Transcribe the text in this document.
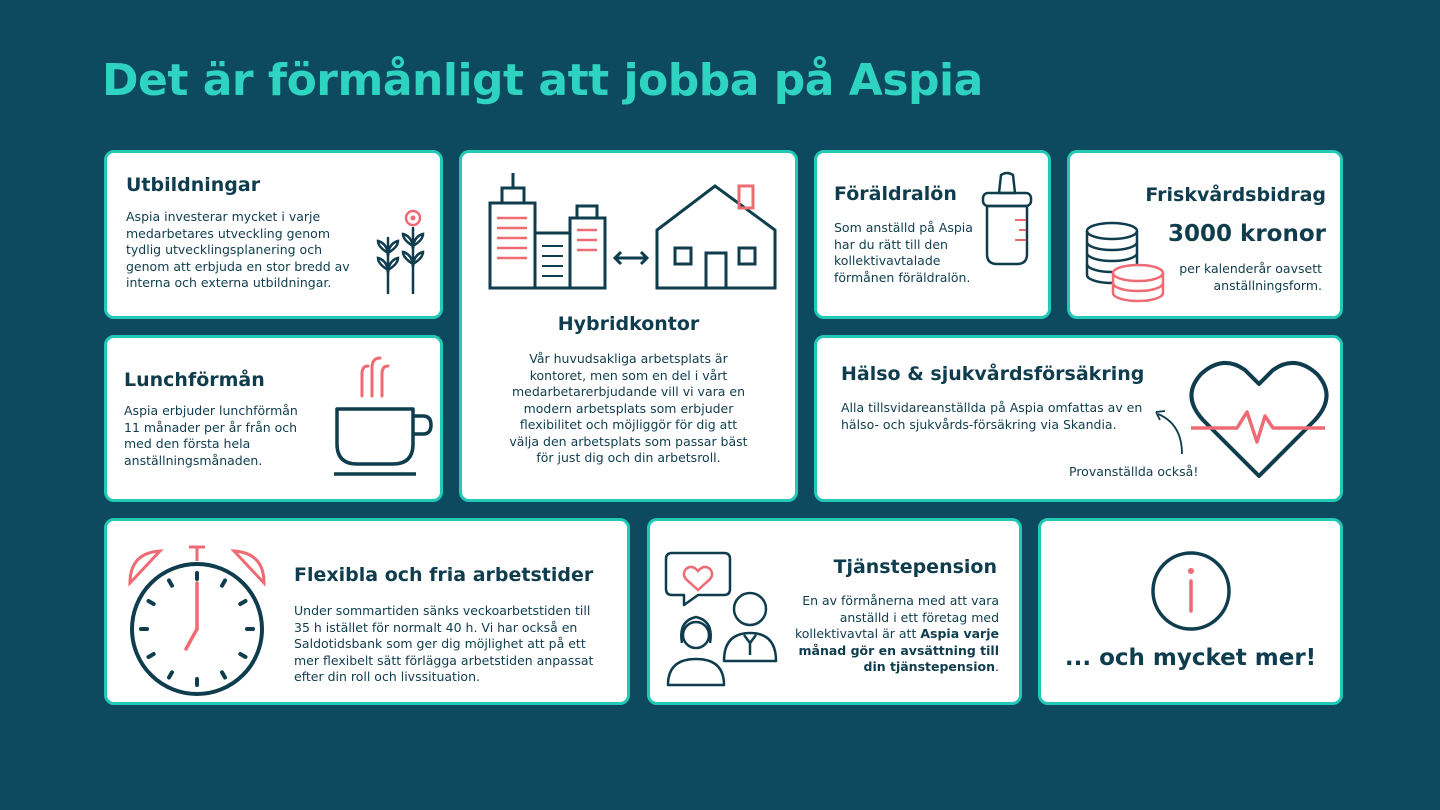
Det är förmånligt att jobba på Aspia
Utbildningar
Aspia investerar mycket i varje medarbetares utveckling genom tydlig utvecklingsplanering och genom att erbjuda en stor bredd av interna och externa utbildningar.
Hybridkontor
Vår huvudsakliga arbetsplats är kontoret, men som en del i vårt medarbetarerbjudande vill vi vara en modern arbetsplats som erbjuder flexibilitet och möjliggör för dig att välja den arbetsplats som passar bäst för just dig och din arbetsroll.
Föräldralön
Som anställd på Aspia har du rätt till den kollektivavtalade förmånen föräldralön.
Friskvårdsbidrag
3000 kronor
per kalenderår oavsett anställningsform.
Lunchförmån
Aspia erbjuder lunchförmån 11 månader per år från och med den första hela anställningsmånaden.
Hälso & sjukvårdsförsäkring
Alla tillsvidareanställda på Aspia omfattas av en hälso- och sjukvårds-försäkring via Skandia.
Provanställda också!
Flexibla och fria arbetstider
Under sommartiden sänks veckoarbetstiden till 35 h istället för normalt 40 h. Vi har också en Saldotidsbank som ger dig möjlighet att på ett mer flexibelt sätt förlägga arbetstiden anpassat efter din roll och livssituation.
Tjänstepension
En av förmånerna med att vara anställd i ett företag med kollektivavtal är att Aspia varje månad gör en avsättning till din tjänstepension.	... och mycket mer!
